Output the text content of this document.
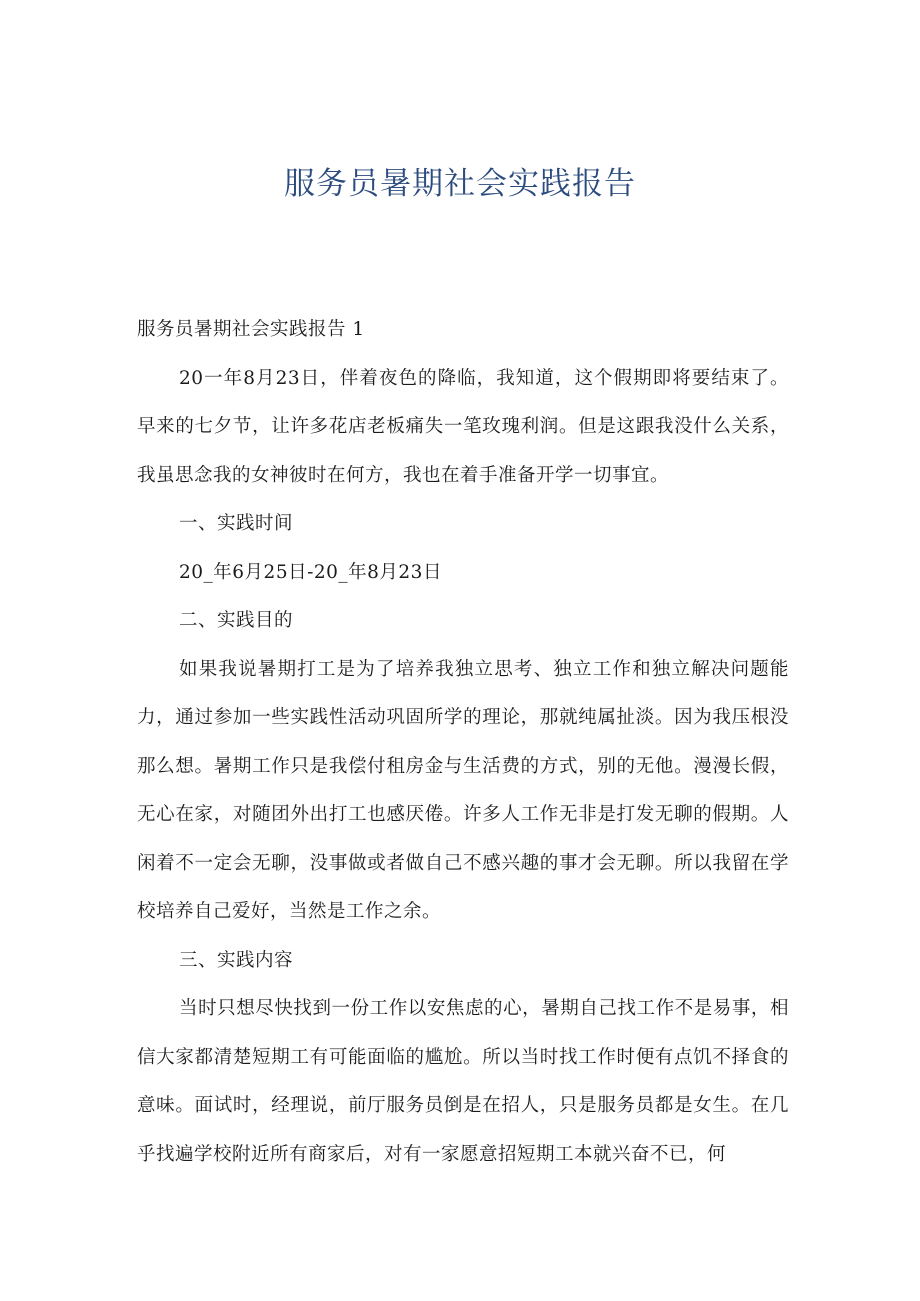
服务员暑期社会实践报告

服务员暑期社会实践报告 1

20一年8月23日，伴着夜色的降临，我知道，这个假期即将要结束了。早来的七夕节，让许多花店老板痛失一笔玫瑰利润。但是这跟我没什么关系，我虽思念我的女神彼时在何方，我也在着手准备开学一切事宜。

一、实践时间

20_年6月25日-20_年8月23日

二、实践目的

如果我说暑期打工是为了培养我独立思考、独立工作和独立解决问题能力，通过参加一些实践性活动巩固所学的理论，那就纯属扯淡。因为我压根没那么想。暑期工作只是我偿付租房金与生活费的方式，别的无他。漫漫长假，无心在家，对随团外出打工也感厌倦。许多人工作无非是打发无聊的假期。人闲着不一定会无聊，没事做或者做自己不感兴趣的事才会无聊。所以我留在学校培养自己爱好，当然是工作之余。

三、实践内容

当时只想尽快找到一份工作以安焦虑的心，暑期自己找工作不是易事，相信大家都清楚短期工有可能面临的尴尬。所以当时找工作时便有点饥不择食的意味。面试时，经理说，前厅服务员倒是在招人，只是服务员都是女生。在几乎找遍学校附近所有商家后，对有一家愿意招短期工本就兴奋不已，何
